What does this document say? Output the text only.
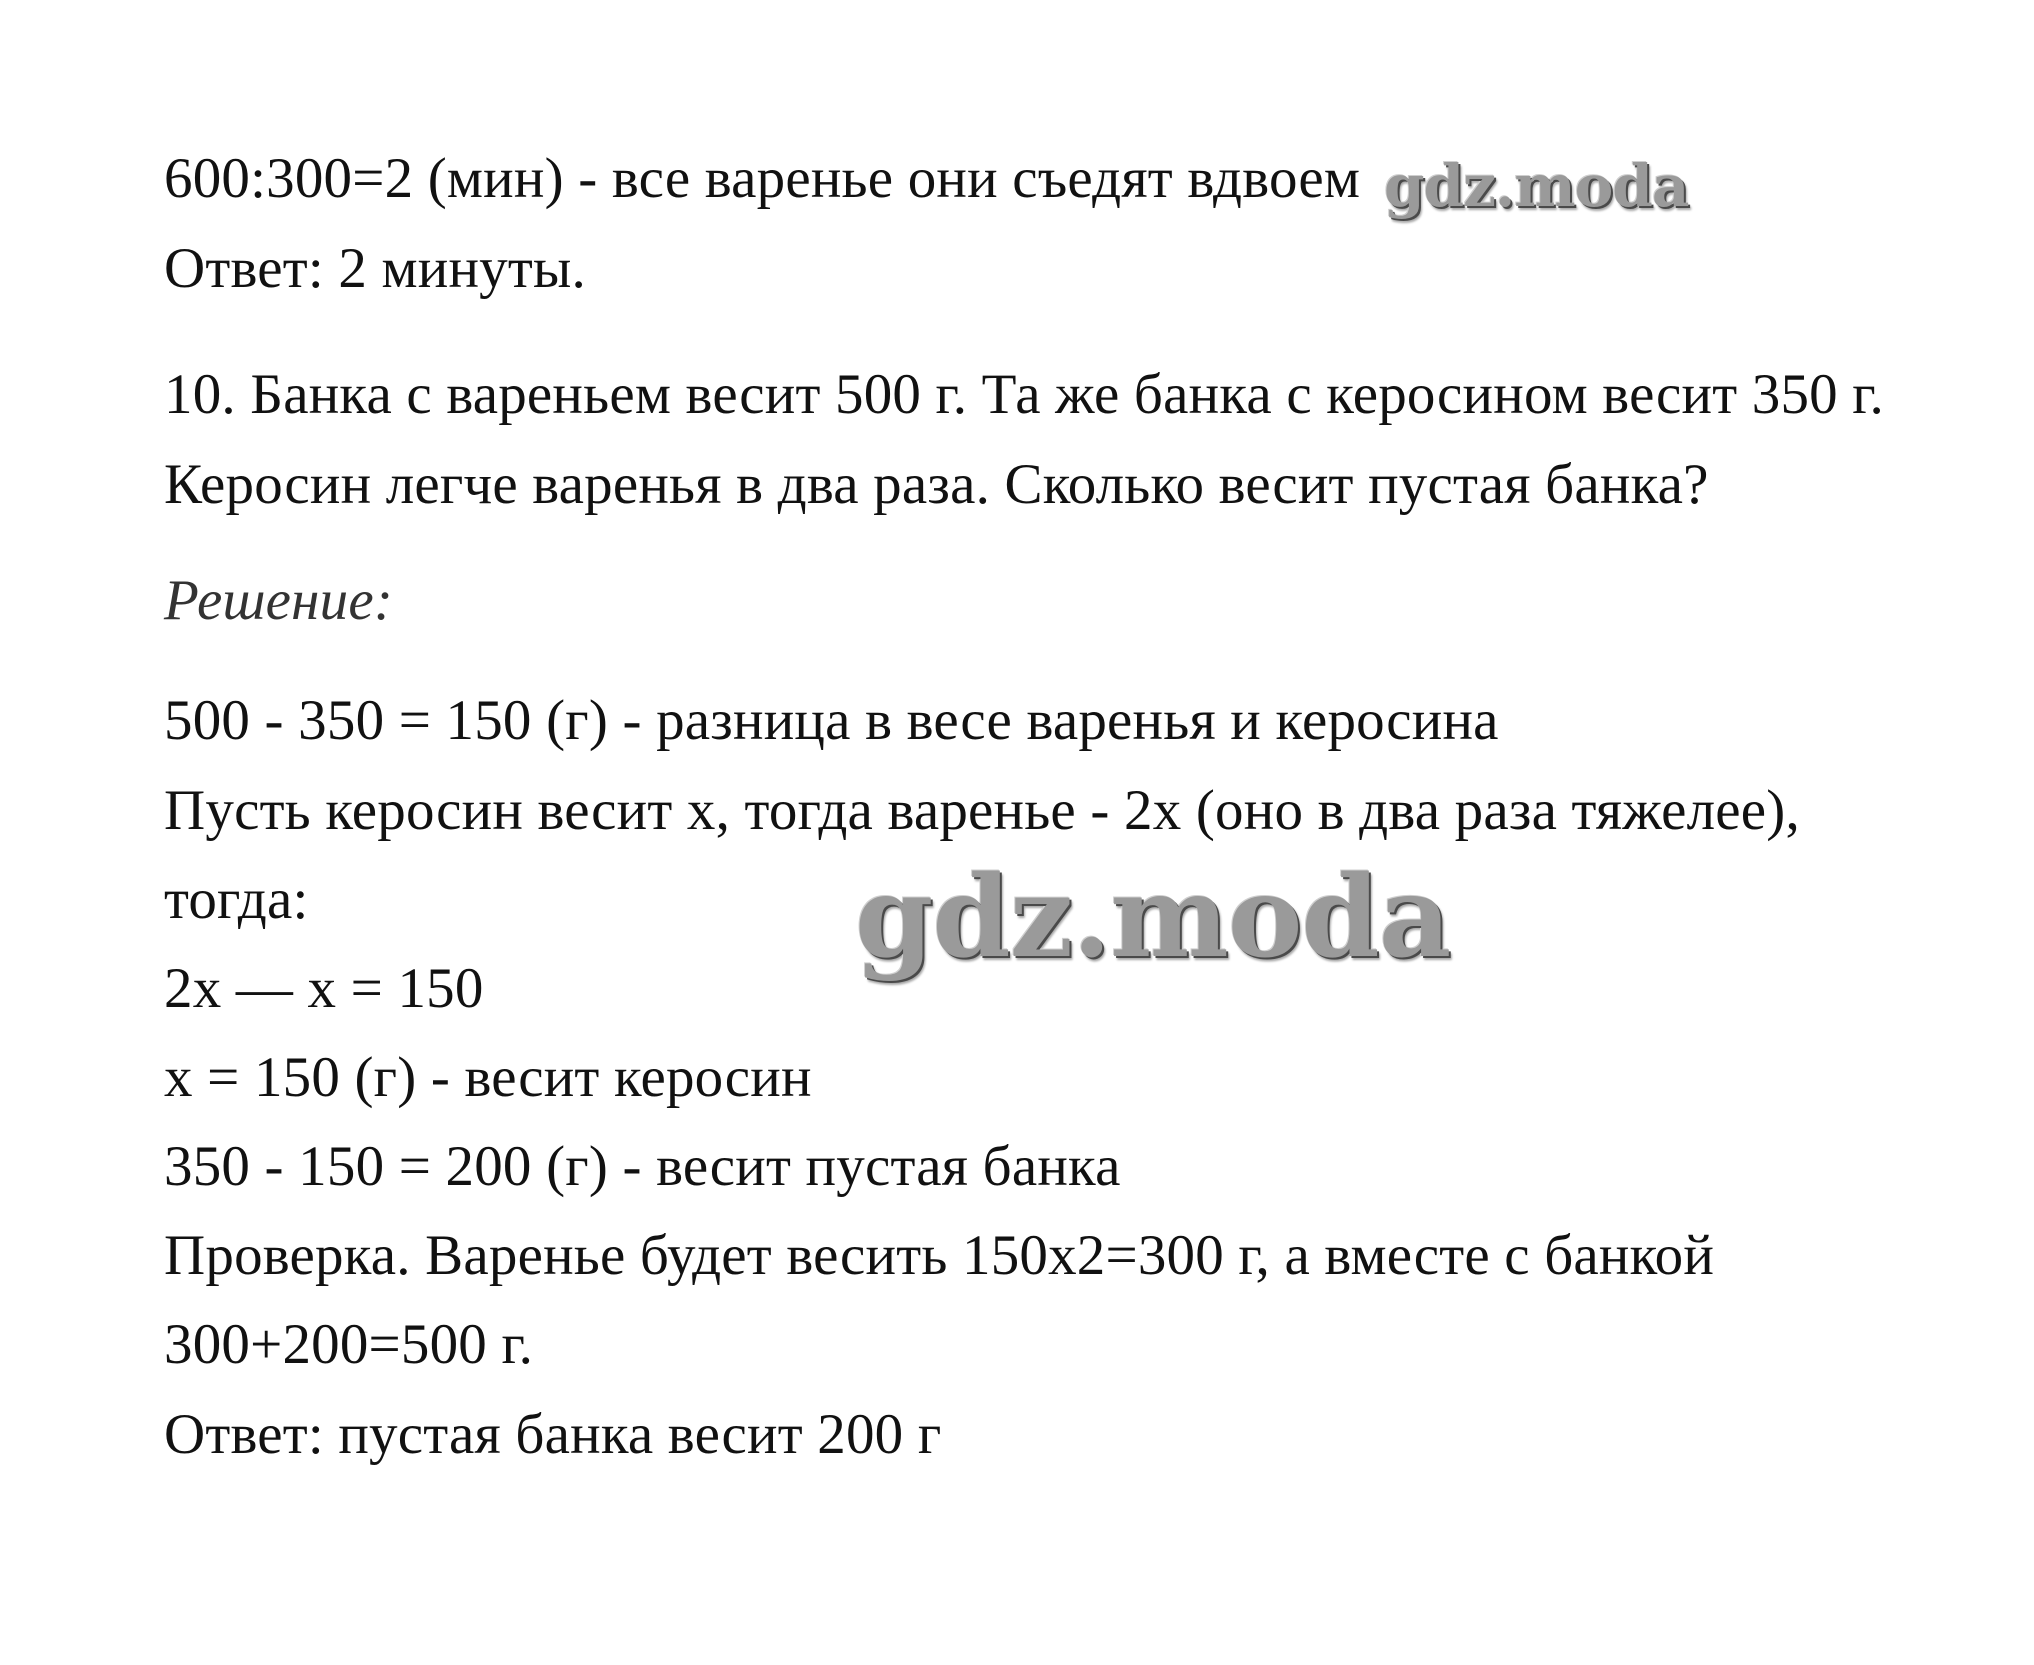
600:300=2 (мин) - все варенье они съедят вдвоем
Ответ: 2 минуты.
10. Банка с вареньем весит 500 г. Та же банка с керосином весит 350 г.
Керосин легче варенья в два раза. Сколько весит пустая банка?
Решение:
500 - 350 = 150 (г) - разница в весе варенья и керосина
Пусть керосин весит х, тогда варенье - 2х (оно в два раза тяжелее),
тогда:
2х — х = 150
х = 150 (г) - весит керосин
350 - 150 = 200 (г) - весит пустая банка
Проверка. Варенье будет весить 150х2=300 г, а вместе с банкой
300+200=500 г.
Ответ: пустая банка весит 200 г
gdz.moda
gdz.moda
